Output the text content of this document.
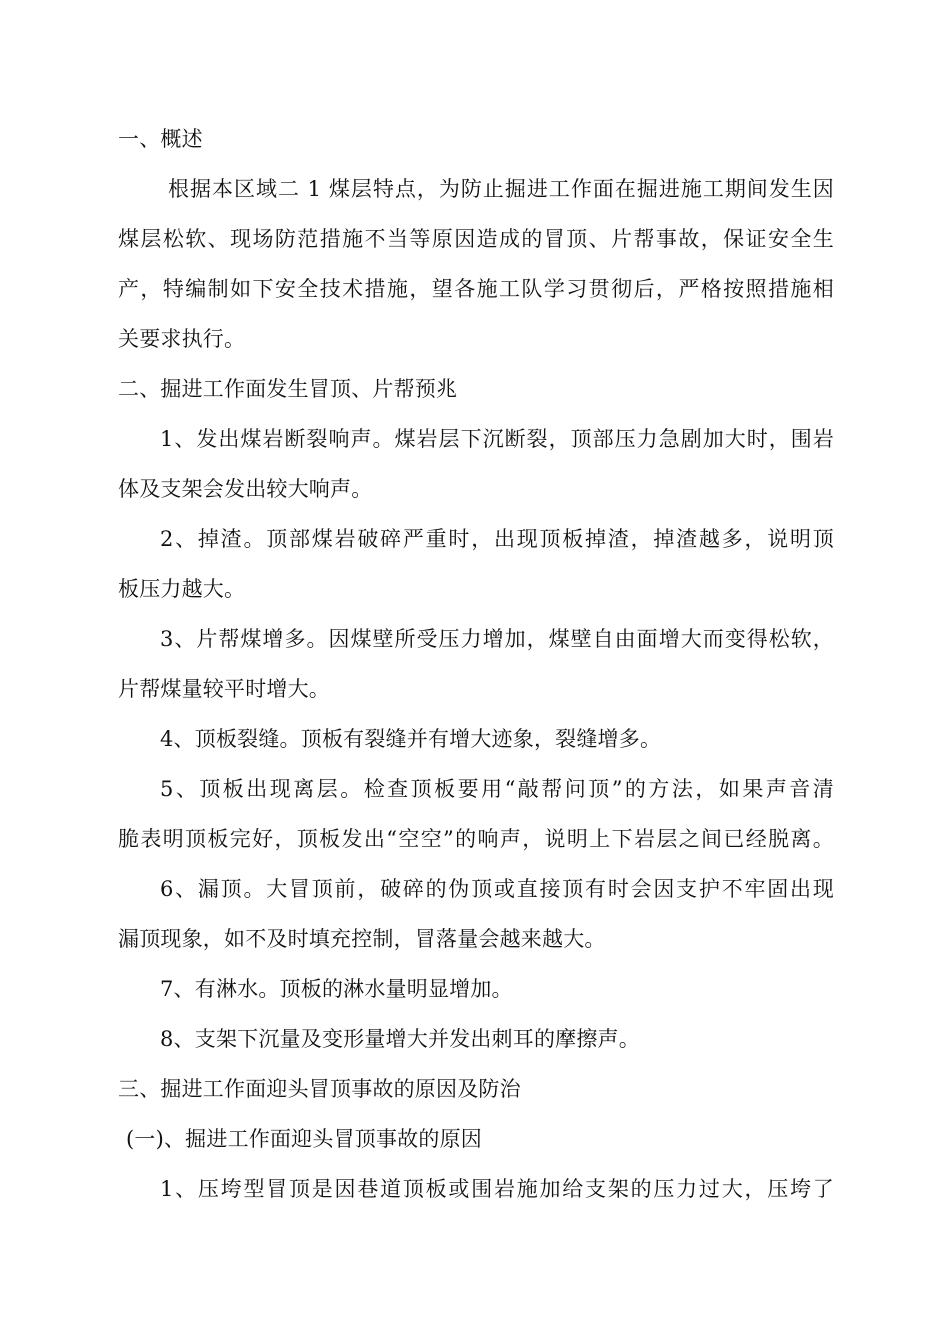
一、概述
根据本区域二 1 煤层特点，为防止掘进工作面在掘进施工期间发生因
煤层松软、现场防范措施不当等原因造成的冒顶、片帮事故，保证安全生
产，特编制如下安全技术措施，望各施工队学习贯彻后，严格按照措施相
关要求执行。
二、掘进工作面发生冒顶、片帮预兆
1、发出煤岩断裂响声。煤岩层下沉断裂，顶部压力急剧加大时，围岩
体及支架会发出较大响声。
2、掉渣。顶部煤岩破碎严重时，出现顶板掉渣，掉渣越多，说明顶
板压力越大。
3、片帮煤增多。因煤壁所受压力增加，煤壁自由面增大而变得松软，
片帮煤量较平时增大。
4、顶板裂缝。顶板有裂缝并有增大迹象，裂缝增多。
5、顶板出现离层。检查顶板要用“敲帮问顶”的方法，如果声音清
脆表明顶板完好，顶板发出“空空”的响声，说明上下岩层之间已经脱离。
6、漏顶。大冒顶前，破碎的伪顶或直接顶有时会因支护不牢固出现
漏顶现象，如不及时填充控制，冒落量会越来越大。
7、有淋水。顶板的淋水量明显增加。
8、支架下沉量及变形量增大并发出刺耳的摩擦声。
三、掘进工作面迎头冒顶事故的原因及防治
(一)、掘进工作面迎头冒顶事故的原因
1、压垮型冒顶是因巷道顶板或围岩施加给支架的压力过大，压垮了
